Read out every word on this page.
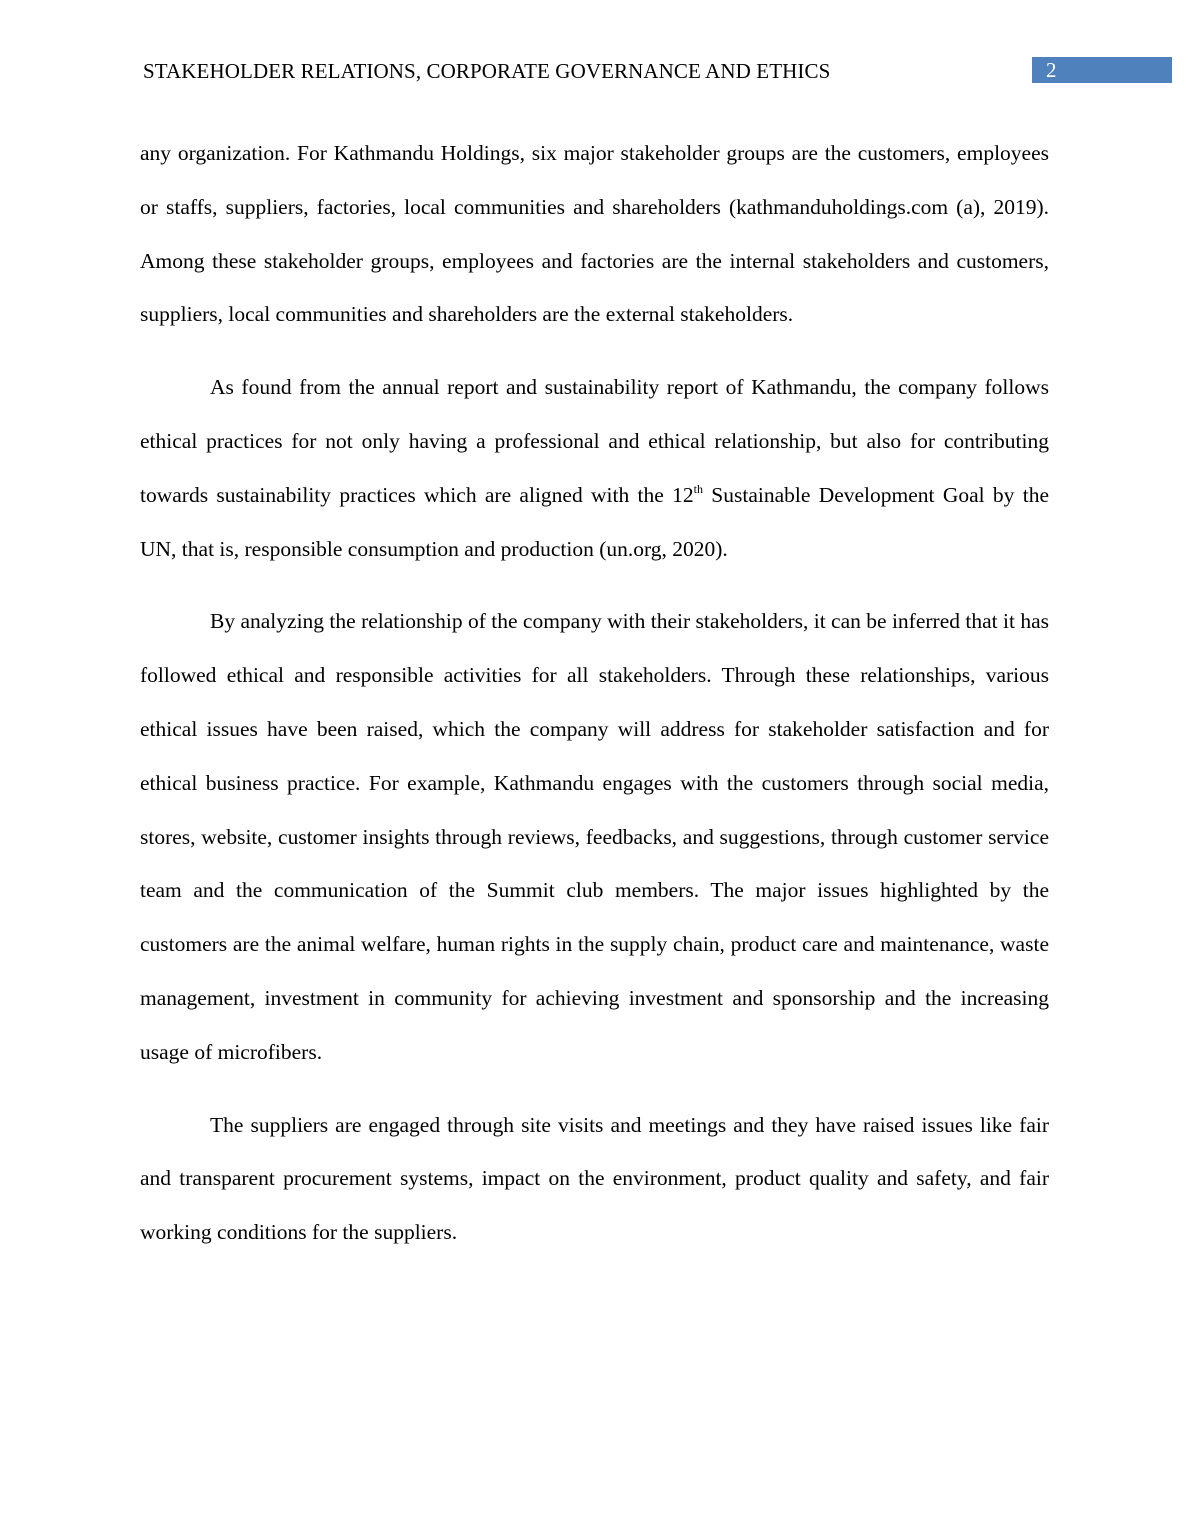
STAKEHOLDER RELATIONS, CORPORATE GOVERNANCE AND ETHICS	2

any organization. For Kathmandu Holdings, six major stakeholder groups are the customers, employees or staffs, suppliers, factories, local communities and shareholders (kathmanduholdings.com (a), 2019). Among these stakeholder groups, employees and factories are the internal stakeholders and customers, suppliers, local communities and shareholders are the external stakeholders.

As found from the annual report and sustainability report of Kathmandu, the company follows ethical practices for not only having a professional and ethical relationship, but also for contributing towards sustainability practices which are aligned with the 12th Sustainable Development Goal by the UN, that is, responsible consumption and production (un.org, 2020).

By analyzing the relationship of the company with their stakeholders, it can be inferred that it has followed ethical and responsible activities for all stakeholders. Through these relationships, various ethical issues have been raised, which the company will address for stakeholder satisfaction and for ethical business practice. For example, Kathmandu engages with the customers through social media, stores, website, customer insights through reviews, feedbacks, and suggestions, through customer service team and the communication of the Summit club members. The major issues highlighted by the customers are the animal welfare, human rights in the supply chain, product care and maintenance, waste management, investment in community for achieving investment and sponsorship and the increasing usage of microfibers.

The suppliers are engaged through site visits and meetings and they have raised issues like fair and transparent procurement systems, impact on the environment, product quality and safety, and fair working conditions for the suppliers.
